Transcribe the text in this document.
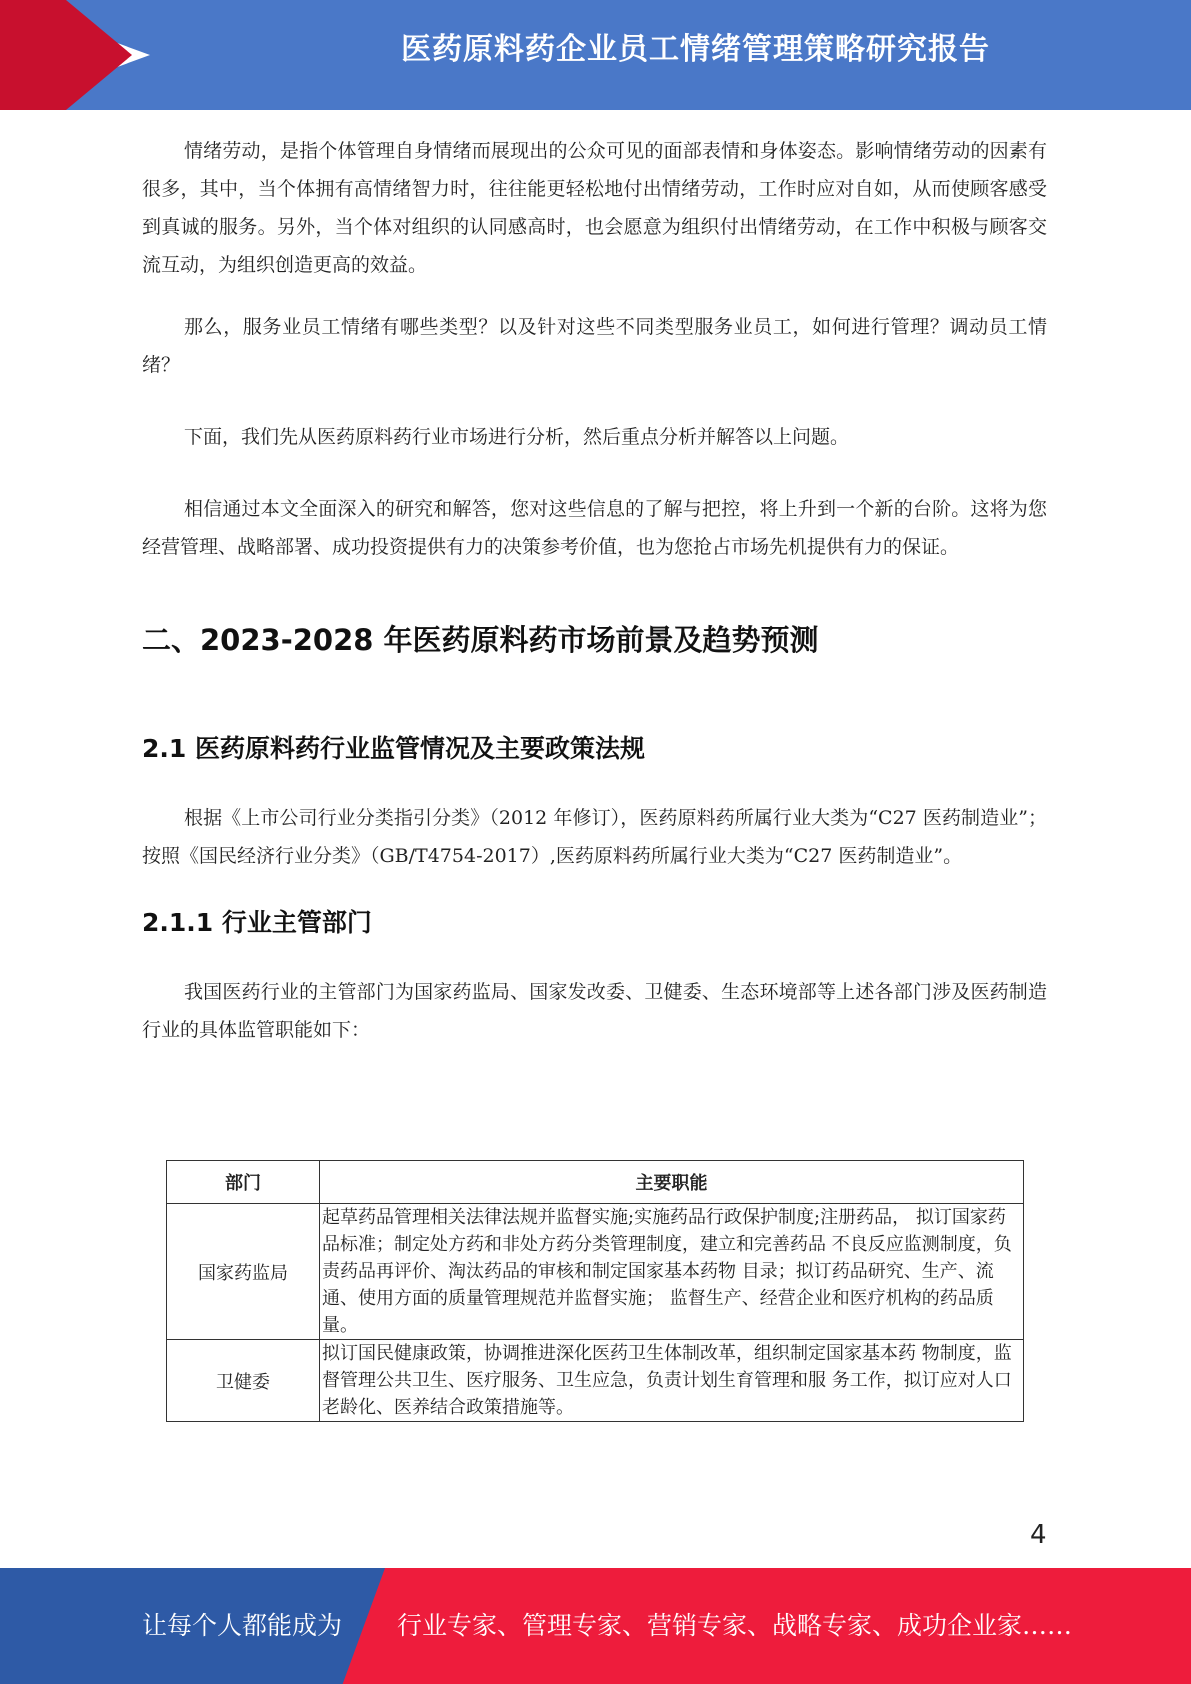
医药原料药企业员工情绪管理策略研究报告

情绪劳动，是指个体管理自身情绪而展现出的公众可见的面部表情和身体姿态。影响情绪劳动的因素有很多，其中，当个体拥有高情绪智力时，往往能更轻松地付出情绪劳动，工作时应对自如，从而使顾客感受到真诚的服务。另外，当个体对组织的认同感高时，也会愿意为组织付出情绪劳动，在工作中积极与顾客交流互动，为组织创造更高的效益。

那么，服务业员工情绪有哪些类型？以及针对这些不同类型服务业员工，如何进行管理？调动员工情绪？

下面，我们先从医药原料药行业市场进行分析，然后重点分析并解答以上问题。

相信通过本文全面深入的研究和解答，您对这些信息的了解与把控，将上升到一个新的台阶。这将为您经营管理、战略部署、成功投资提供有力的决策参考价值，也为您抢占市场先机提供有力的保证。

二、2023-2028 年医药原料药市场前景及趋势预测
2.1 医药原料药行业监管情况及主要政策法规

根据《上市公司行业分类指引分类》（2012 年修订），医药原料药所属行业大类为“C27 医药制造业”；按照《国民经济行业分类》（GB/T4754-2017）,医药原料药所属行业大类为“C27 医药制造业”。

2.1.1 行业主管部门

我国医药行业的主管部门为国家药监局、国家发改委、卫健委、生态环境部等上述各部门涉及医药制造行业的具体监管职能如下：

部门	主要职能
国家药监局	起草药品管理相关法律法规并监督实施;实施药品行政保护制度;注册药品， 拟订国家药品标准；制定处方药和非处方药分类管理制度，建立和完善药品 不良反应监测制度，负责药品再评价、淘汰药品的审核和制定国家基本药物 目录；拟订药品研究、生产、流通、使用方面的质量管理规范并监督实施； 监督生产、经营企业和医疗机构的药品质量。
卫健委	拟订国民健康政策，协调推进深化医药卫生体制改革，组织制定国家基本药 物制度，监督管理公共卫生、医疗服务、卫生应急，负责计划生育管理和服 务工作，拟订应对人口老龄化、医养结合政策措施等。
4
让每个人都能成为 行业专家、管理专家、营销专家、战略专家、成功企业家……
